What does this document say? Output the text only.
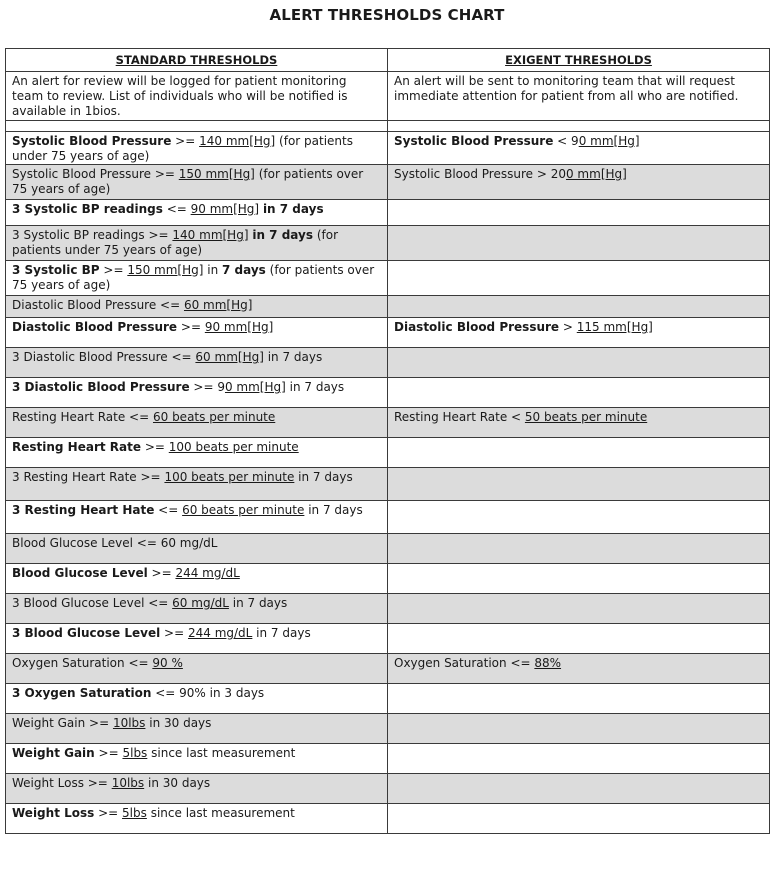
ALERT THRESHOLDS CHART
STANDARD THRESHOLDS	EXIGENT THRESHOLDS
An alert for review will be logged for patient monitoring team to review. List of individuals who will be notified is available in 1bios.	An alert will be sent to monitoring team that will request immediate attention for patient from all who are notified.

Systolic Blood Pressure >= 140 mm[Hg] (for patients under 75 years of age)	Systolic Blood Pressure < 90 mm[Hg]
Systolic Blood Pressure >= 150 mm[Hg] (for patients over 75 years of age)	Systolic Blood Pressure > 200 mm[Hg]
3 Systolic BP readings <= 90 mm[Hg] in 7 days	
3 Systolic BP readings >= 140 mm[Hg] in 7 days (for patients under 75 years of age)	
3 Systolic BP >= 150 mm[Hg] in 7 days (for patients over 75 years of age)	
Diastolic Blood Pressure <= 60 mm[Hg]	
Diastolic Blood Pressure >= 90 mm[Hg]	Diastolic Blood Pressure > 115 mm[Hg]
3 Diastolic Blood Pressure <= 60 mm[Hg] in 7 days	
3 Diastolic Blood Pressure >= 90 mm[Hg] in 7 days	
Resting Heart Rate <= 60 beats per minute	Resting Heart Rate < 50 beats per minute
Resting Heart Rate >= 100 beats per minute	
3 Resting Heart Rate >= 100 beats per minute in 7 days	
3 Resting Heart Hate <= 60 beats per minute in 7 days	
Blood Glucose Level <= 60 mg/dL	
Blood Glucose Level >= 244 mg/dL	
3 Blood Glucose Level <= 60 mg/dL in 7 days	
3 Blood Glucose Level >= 244 mg/dL in 7 days	
Oxygen Saturation <= 90 %	Oxygen Saturation <= 88%
3 Oxygen Saturation <= 90% in 3 days	
Weight Gain >= 10lbs in 30 days	
Weight Gain >= 5lbs since last measurement	
Weight Loss >= 10lbs in 30 days	
Weight Loss >= 5lbs since last measurement	
